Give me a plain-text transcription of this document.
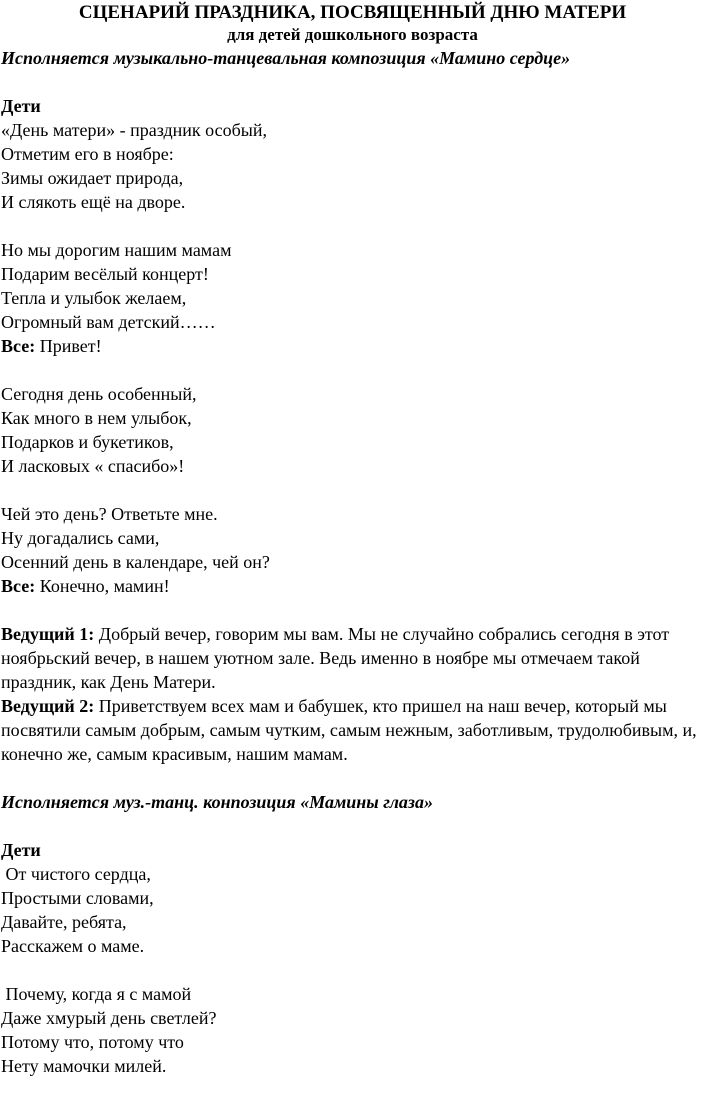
СЦЕНАРИЙ ПРАЗДНИКА, ПОСВЯЩЕННЫЙ ДНЮ МАТЕРИ

для детей дошкольного возраста

Исполняется музыкально-танцевальная композиция «Мамино сердце»

Дети

«День матери» - праздник особый,

Отметим его в ноябре:

Зимы ожидает природа,

И слякоть ещё на дворе.

Но мы дорогим нашим мамам

Подарим весёлый концерт!

Тепла и улыбок желаем,

Огромный вам детский……

Все: Привет!

Сегодня день особенный,

Как много в нем улыбок,

Подарков и букетиков,

И ласковых « спасибо»!

Чей это день? Ответьте мне.

Ну догадались сами,

Осенний день в календаре, чей он?

Все: Конечно, мамин!

Ведущий 1: Добрый вечер, говорим мы вам. Мы не случайно собрались сегодня в этот ноябрьский вечер, в нашем уютном зале. Ведь именно в ноябре мы отмечаем такой праздник, как День Матери.

Ведущий 2: Приветствуем всех мам и бабушек, кто пришел на наш вечер, который мы посвятили самым добрым, самым чутким, самым нежным, заботливым, трудолюбивым, и, конечно же, самым красивым, нашим мамам.

Исполняется муз.-танц. конпозиция «Мамины глаза»

Дети

От чистого сердца,

Простыми словами,

Давайте, ребята,

Расскажем о маме.

Почему, когда я с мамой

Даже хмурый день светлей?

Потому что, потому что

Нету мамочки милей.
